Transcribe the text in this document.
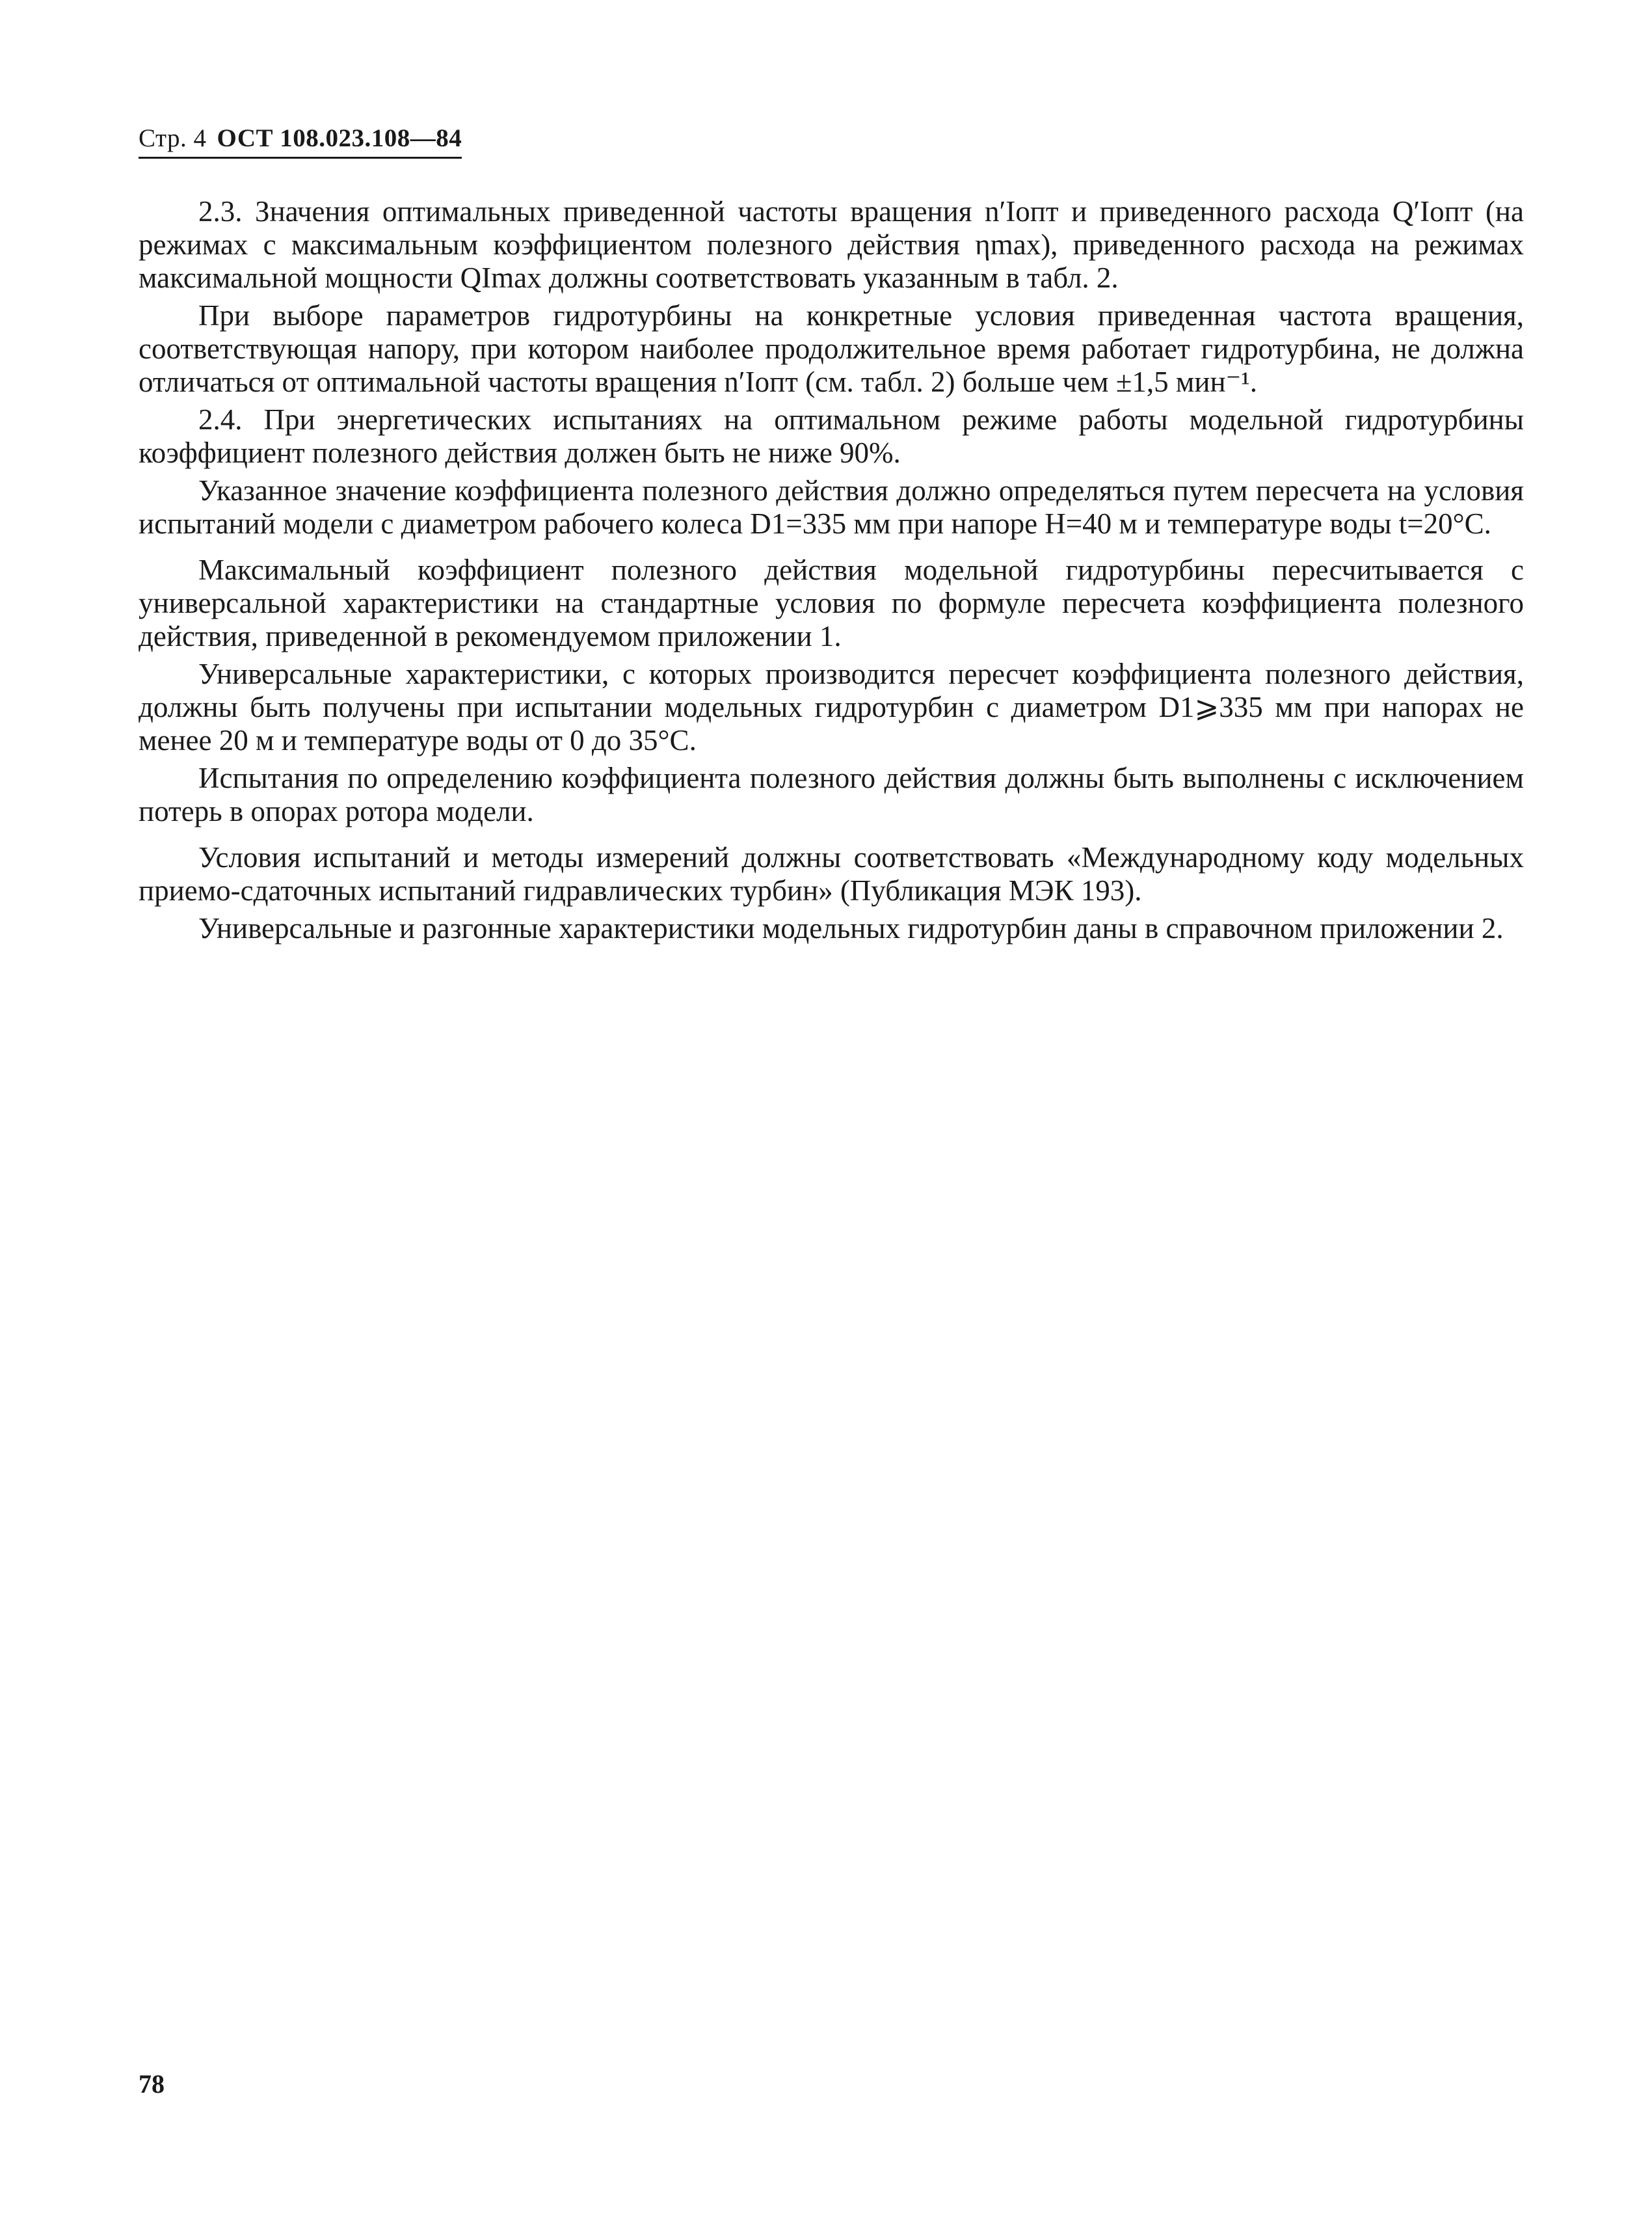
Стр. 4 ОСТ 108.023.108—84

2.3. Значения оптимальных приведенной частоты вращения n′Iопт и приведенного расхода Q′Iопт (на режимах с максимальным коэффициентом полезного действия ηmax), приведенного расхода на режимах максимальной мощности QImax должны соответствовать указанным в табл. 2.

При выборе параметров гидротурбины на конкретные условия приведенная частота вращения, соответствующая напору, при котором наиболее продолжительное время работает гидротурбина, не должна отличаться от оптимальной частоты вращения n′Iопт (см. табл. 2) больше чем ±1,5 мин⁻¹.

2.4. При энергетических испытаниях на оптимальном режиме работы модельной гидротурбины коэффициент полезного действия должен быть не ниже 90%.

Указанное значение коэффициента полезного действия должно определяться путем пересчета на условия испытаний модели с диаметром рабочего колеса D1=335 мм при напоре H=40 м и температуре воды t=20°C.

Максимальный коэффициент полезного действия модельной гидротурбины пересчитывается с универсальной характеристики на стандартные условия по формуле пересчета коэффициента полезного действия, приведенной в рекомендуемом приложении 1.

Универсальные характеристики, с которых производится пересчет коэффициента полезного действия, должны быть получены при испытании модельных гидротурбин с диаметром D1⩾335 мм при напорах не менее 20 м и температуре воды от 0 до 35°C.

Испытания по определению коэффициента полезного действия должны быть выполнены с исключением потерь в опорах ротора модели.

Условия испытаний и методы измерений должны соответствовать «Международному коду модельных приемо-сдаточных испытаний гидравлических турбин» (Публикация МЭК 193).

Универсальные и разгонные характеристики модельных гидротурбин даны в справочном приложении 2.

78
